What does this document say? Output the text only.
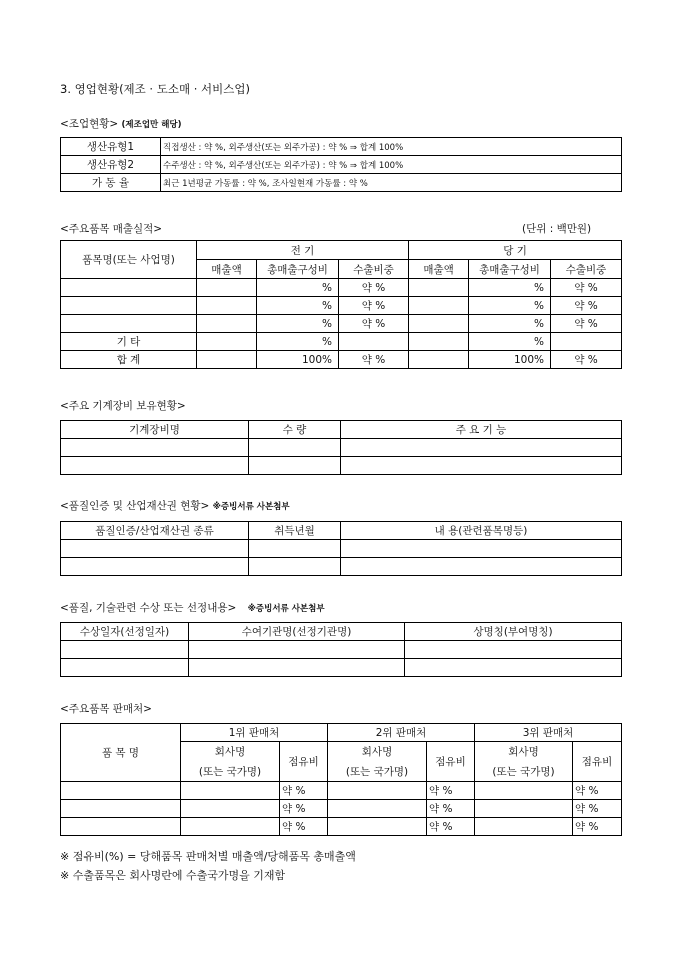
3. 영업현황(제조 · 도소매 · 서비스업)
<조업현황> (제조업만 해당)
생산유형1	직접생산 : 약 %, 외주생산(또는 외주가공) : 약 % ⇒ 합계 100%
생산유형2	수주생산 : 약 %, 외주생산(또는 외주가공) : 약 % ⇒ 합계 100%
가 동 율	최근 1년평균 가동률 : 약 %, 조사일현재 가동률 : 약 %
<주요품목 매출실적>	(단위 : 백만원)
품목명(또는 사업명)	전 기			당 기		
	매출액	총매출구성비	수출비중	매출액	총매출구성비	수출비중
		%	약 %		%	약 %
		%	약 %		%	약 %
		%	약 %		%	약 %
기 타		%			%	
합 계		100%	약 %		100%	약 %
<주요 기계장비 보유현황>
기계장비명	수 량	주 요 기 능

<품질인증 및 산업재산권 현황> ※증빙서류 사본첨부
품질인증/산업재산권 종류	취득년월	내 용(관련품목명등)

<품질, 기술관련 수상 또는 선정내용> ※증빙서류 사본첨부
수상일자(선정일자)	수여기관명(선정기관명)	상명칭(부여명칭)

<주요품목 판매처>
품 목 명	1위 판매처		2위 판매처		3위 판매처	
	회사명	점유비	회사명	점유비	회사명	점유비
	(또는 국가명)		(또는 국가명)		(또는 국가명)	
		약 %		약 %		약 %
		약 %		약 %		약 %
		약 %		약 %		약 %
※ 점유비(%) = 당해품목 판매처별 매출액/당해품목 총매출액
※ 수출품목은 회사명란에 수출국가명을 기재함
